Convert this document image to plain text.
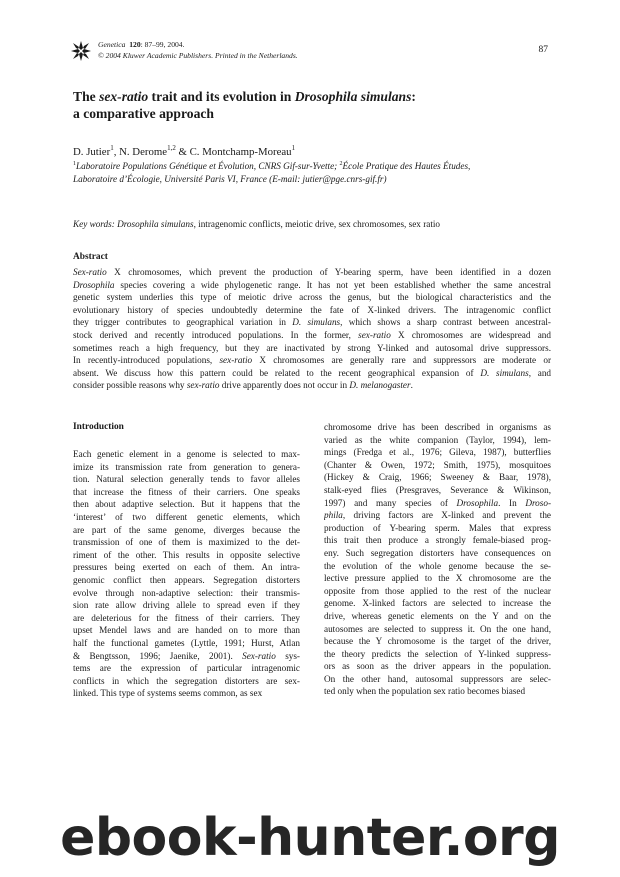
Genetica 120: 87–99, 2004.
© 2004 Kluwer Academic Publishers. Printed in the Netherlands.	87
The sex-ratio trait and its evolution in Drosophila simulans:
a comparative approach
D. Jutier$^1$, N. Derome$^{1,2}$ & C. Montchamp-Moreau$^1$
$^1$Laboratoire Populations Génétique et Évolution, CNRS Gif-sur-Yvette; $^2$École Pratique des Hautes Études,
Laboratoire d’Écologie, Université Paris VI, France (E-mail: jutier@pge.cnrs-gif.fr)
Key words: Drosophila simulans, intragenomic conflicts, meiotic drive, sex chromosomes, sex ratio
Abstract
Sex-ratio X chromosomes, which prevent the production of Y-bearing sperm, have been identified in a dozen
Drosophila species covering a wide phylogenetic range. It has not yet been established whether the same ancestral
genetic system underlies this type of meiotic drive across the genus, but the biological characteristics and the
evolutionary history of species undoubtedly determine the fate of X-linked drivers. The intragenomic conflict
they trigger contributes to geographical variation in D. simulans, which shows a sharp contrast between ancestral-
stock derived and recently introduced populations. In the former, sex-ratio X chromosomes are widespread and
sometimes reach a high frequency, but they are inactivated by strong Y-linked and autosomal drive suppressors.
In recently-introduced populations, sex-ratio X chromosomes are generally rare and suppressors are moderate or
absent. We discuss how this pattern could be related to the recent geographical expansion of D. simulans, and
consider possible reasons why sex-ratio drive apparently does not occur in D. melanogaster.
Introduction
Each genetic element in a genome is selected to max-
imize its transmission rate from generation to genera-
tion. Natural selection generally tends to favor alleles
that increase the fitness of their carriers. One speaks
then about adaptive selection. But it happens that the
‘interest’ of two different genetic elements, which
are part of the same genome, diverges because the
transmission of one of them is maximized to the det-
riment of the other. This results in opposite selective
pressures being exerted on each of them. An intra-
genomic conflict then appears. Segregation distorters
evolve through non-adaptive selection: their transmis-
sion rate allow driving allele to spread even if they
are deleterious for the fitness of their carriers. They
upset Mendel laws and are handed on to more than
half the functional gametes (Lyttle, 1991; Hurst, Atlan
& Bengtsson, 1996; Jaenike, 2001). Sex-ratio sys-
tems are the expression of particular intragenomic
conflicts in which the segregation distorters are sex-
linked. This type of systems seems common, as sex
chromosome drive has been described in organisms as
varied as the white companion (Taylor, 1994), lem-
mings (Fredga et al., 1976; Gileva, 1987), butterflies
(Chanter & Owen, 1972; Smith, 1975), mosquitoes
(Hickey & Craig, 1966; Sweeney & Baar, 1978),
stalk-eyed flies (Presgraves, Severance & Wikinson,
1997) and many species of Drosophila. In Droso-
phila, driving factors are X-linked and prevent the
production of Y-bearing sperm. Males that express
this trait then produce a strongly female-biased prog-
eny. Such segregation distorters have consequences on
the evolution of the whole genome because the se-
lective pressure applied to the X chromosome are the
opposite from those applied to the rest of the nuclear
genome. X-linked factors are selected to increase the
drive, whereas genetic elements on the Y and on the
autosomes are selected to suppress it. On the one hand,
because the Y chromosome is the target of the driver,
the theory predicts the selection of Y-linked suppress-
ors as soon as the driver appears in the population.
On the other hand, autosomal suppressors are selec-
ted only when the population sex ratio becomes biased
ebook-hunter.org
